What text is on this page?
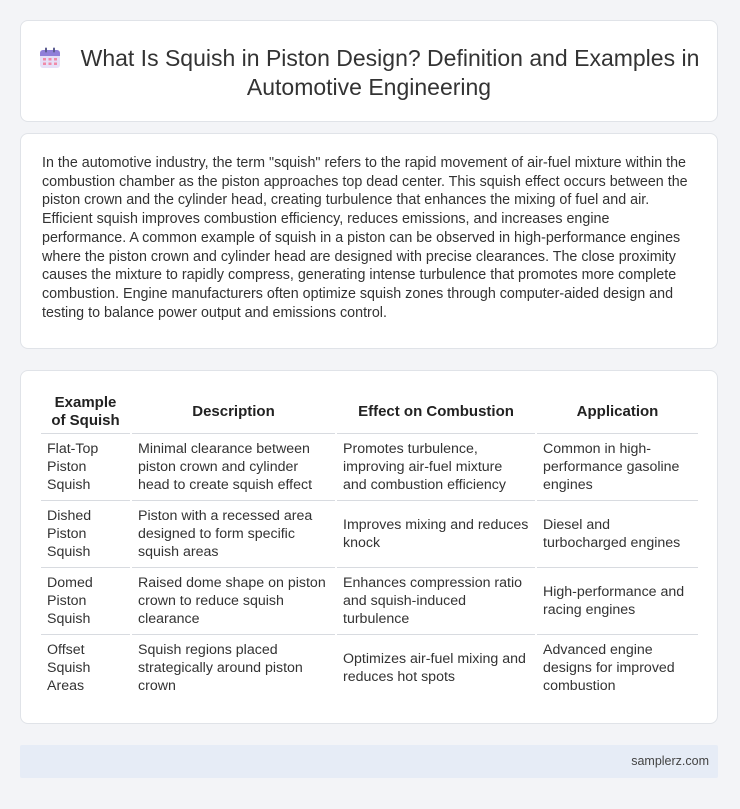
What Is Squish in Piston Design? Definition and Examples in Automotive Engineering
In the automotive industry, the term "squish" refers to the rapid movement of air-fuel mixture within the combustion chamber as the piston approaches top dead center. This squish effect occurs between the piston crown and the cylinder head, creating turbulence that enhances the mixing of fuel and air. Efficient squish improves combustion efficiency, reduces emissions, and increases engine performance. A common example of squish in a piston can be observed in high-performance engines where the piston crown and cylinder head are designed with precise clearances. The close proximity causes the mixture to rapidly compress, generating intense turbulence that promotes more complete combustion. Engine manufacturers often optimize squish zones through computer-aided design and testing to balance power output and emissions control.
Example of Squish	Description	Effect on Combustion	Application
Flat-Top Piston Squish	Minimal clearance between piston crown and cylinder head to create squish effect	Promotes turbulence, improving air-fuel mixture and combustion efficiency	Common in high-performance gasoline engines
Dished Piston Squish	Piston with a recessed area designed to form specific squish areas	Improves mixing and reduces knock	Diesel and turbocharged engines
Domed Piston Squish	Raised dome shape on piston crown to reduce squish clearance	Enhances compression ratio and squish-induced turbulence	High-performance and racing engines
Offset Squish Areas	Squish regions placed strategically around piston crown	Optimizes air-fuel mixing and reduces hot spots	Advanced engine designs for improved combustion
samplerz.com
